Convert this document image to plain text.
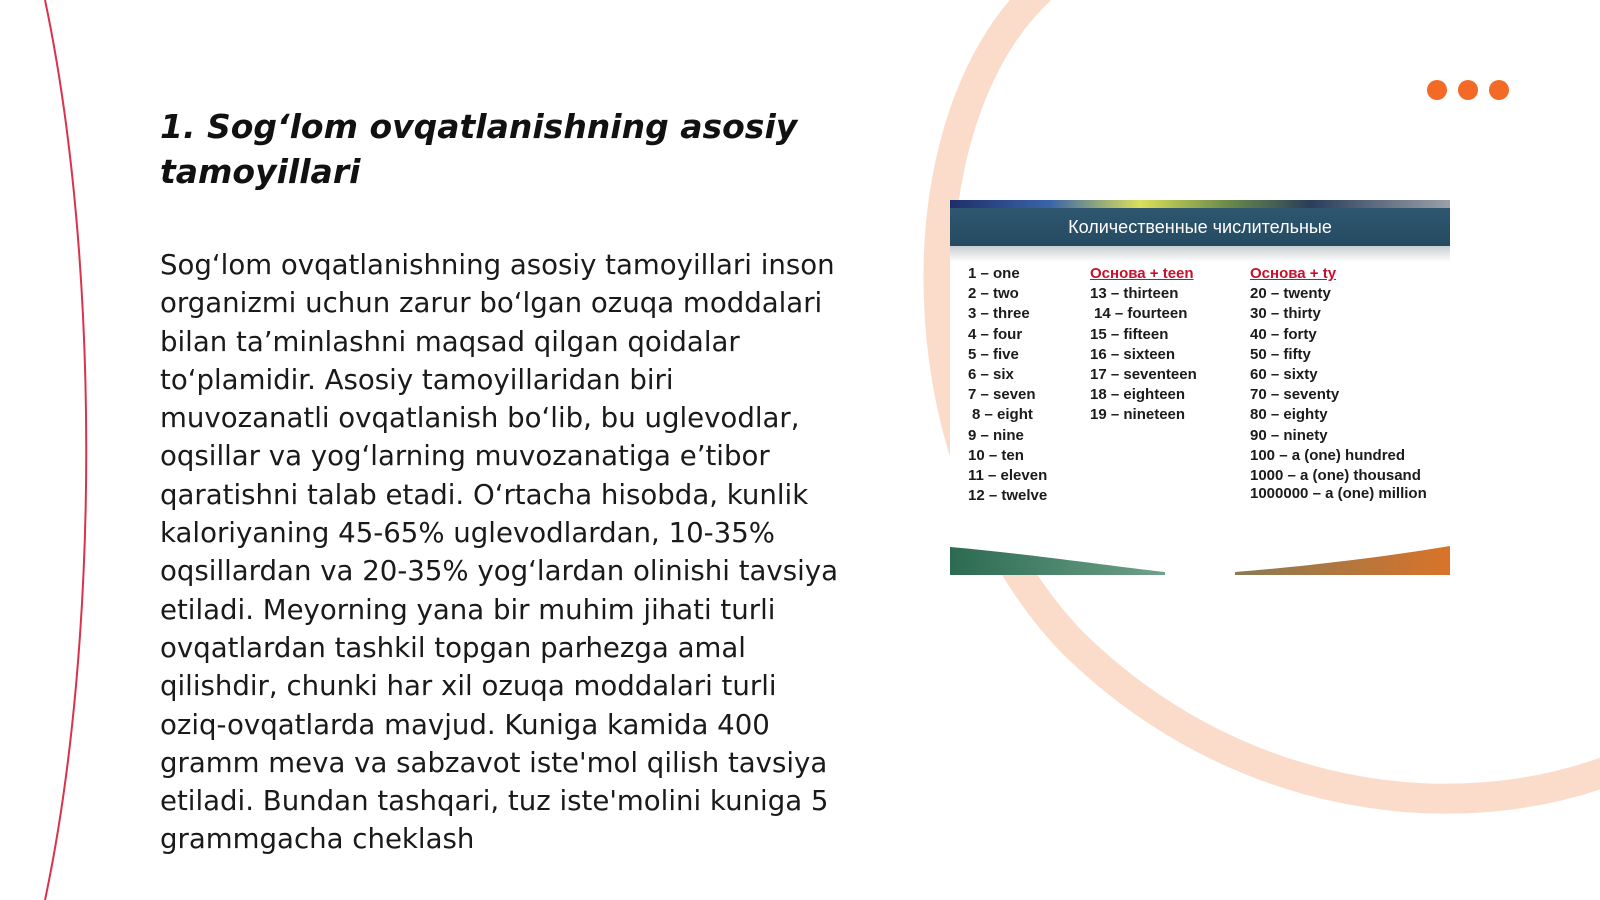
1. Sog‘lom ovqatlanishning asosiy tamoyillari

Sog‘lom ovqatlanishning asosiy tamoyillari inson organizmi uchun zarur bo‘lgan ozuqa moddalari bilan ta’minlashni maqsad qilgan qoidalar to‘plamidir. Asosiy tamoyillaridan biri muvozanatli ovqatlanish bo‘lib, bu uglevodlar, oqsillar va yog‘larning muvozanatiga e’tibor qaratishni talab etadi. O‘rtacha hisobda, kunlik kaloriyaning 45-65% uglevodlardan, 10-35% oqsillardan va 20-35% yog‘lardan olinishi tavsiya etiladi. Meyorning yana bir muhim jihati turli ovqatlardan tashkil topgan parhezga amal qilishdir, chunki har xil ozuqa moddalari turli oziq-ovqatlarda mavjud. Kuniga kamida 400 gramm meva va sabzavot iste'mol qilish tavsiya etiladi. Bundan tashqari, tuz iste'molini kuniga 5 grammgacha cheklash

Количественные числительные
1 – one
2 – two
3 – three
4 – four
5 – five
6 – six
7 – seven
8 – eight
9 – nine
10 – ten
11 – eleven
12 – twelve
Основа + teen
13 – thirteen
14 – fourteen
15 – fifteen
16 – sixteen
17 – seventeen
18 – eighteen
19 – nineteen
Основа + ty
20 – twenty
30 – thirty
40 – forty
50 – fifty
60 – sixty
70 – seventy
80 – eighty
90 – ninety
100 – a (one) hundred
1000 – a (one) thousand
1000000 – a (one) million
